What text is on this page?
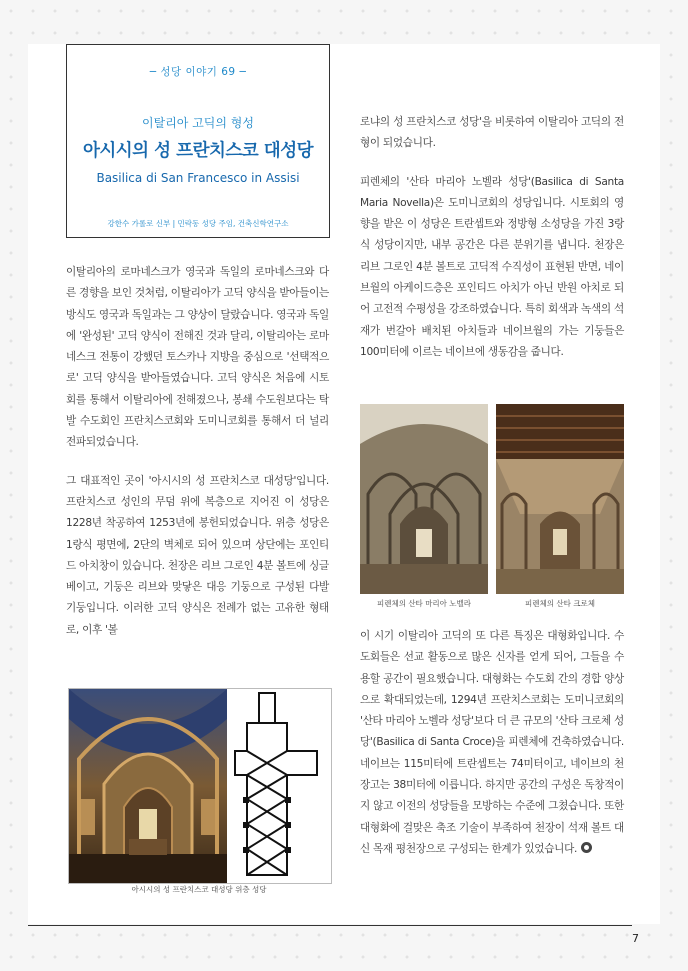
─ 성당 이야기 69 ─
이탈리아 고딕의 형성
아시시의 성 프란치스코 대성당
Basilica di San Francesco in Assisi
강한수 가롤로 신부 | 민락동 성당 주임, 건축신학연구소

이탈리아의 로마네스크가 영국과 독일의 로마네스크와 다른 경향을 보인 것처럼, 이탈리아가 고딕 양식을 받아들이는 방식도 영국과 독일과는 그 양상이 달랐습니다. 영국과 독일에 '완성된' 고딕 양식이 전해진 것과 달리, 이탈리아는 로마네스크 전통이 강했던 토스카나 지방을 중심으로 '선택적으로' 고딕 양식을 받아들였습니다. 고딕 양식은 처음에 시토회를 통해서 이탈리아에 전해졌으나, 봉쇄 수도원보다는 탁발 수도회인 프란치스코회와 도미니코회를 통해서 더 널리 전파되었습니다.

그 대표적인 곳이 '아시시의 성 프란치스코 대성당'입니다. 프란치스코 성인의 무덤 위에 복층으로 지어진 이 성당은 1228년 착공하여 1253년에 봉헌되었습니다. 위층 성당은 1랑식 평면에, 2단의 벽체로 되어 있으며 상단에는 포인티드 아치창이 있습니다. 천장은 리브 그로인 4분 볼트에 싱글 베이고, 기둥은 리브와 맞닿은 대응 기둥으로 구성된 다발 기둥입니다. 이러한 고딕 양식은 전례가 없는 고유한 형태로, 이후 '볼

아시시의 성 프란치스코 대성당 위층 성당

로냐의 성 프란치스코 성당'을 비롯하여 이탈리아 고딕의 전형이 되었습니다.

피렌체의 '산타 마리아 노벨라 성당'(Basilica di Santa Maria Novella)은 도미니코회의 성당입니다. 시토회의 영향을 받은 이 성당은 트란셉트와 정방형 소성당을 가진 3랑식 성당이지만, 내부 공간은 다른 분위기를 냅니다. 천장은 리브 그로인 4분 볼트로 고딕적 수직성이 표현된 반면, 네이브월의 아케이드층은 포인티드 아치가 아닌 반원 아치로 되어 고전적 수평성을 강조하였습니다. 특히 회색과 녹색의 석재가 번갈아 배치된 아치들과 네이브월의 가는 기둥들은 100미터에 이르는 네이브에 생동감을 줍니다.

피렌체의 산타 마리아 노벨라	피렌체의 산타 크로체

이 시기 이탈리아 고딕의 또 다른 특징은 대형화입니다. 수도회들은 선교 활동으로 많은 신자를 얻게 되어, 그들을 수용할 공간이 필요했습니다. 대형화는 수도회 간의 경합 양상으로 확대되었는데, 1294년 프란치스코회는 도미니코회의 '산타 마리아 노벨라 성당'보다 더 큰 규모의 '산타 크로체 성당'(Basilica di Santa Croce)을 피렌체에 건축하였습니다. 네이브는 115미터에 트란셉트는 74미터이고, 네이브의 천장고는 38미터에 이릅니다. 하지만 공간의 구성은 독창적이지 않고 이전의 성당들을 모방하는 수준에 그쳤습니다. 또한 대형화에 걸맞은 축조 기술이 부족하여 천장이 석재 볼트 대신 목재 평천장으로 구성되는 한계가 있었습니다.

7
